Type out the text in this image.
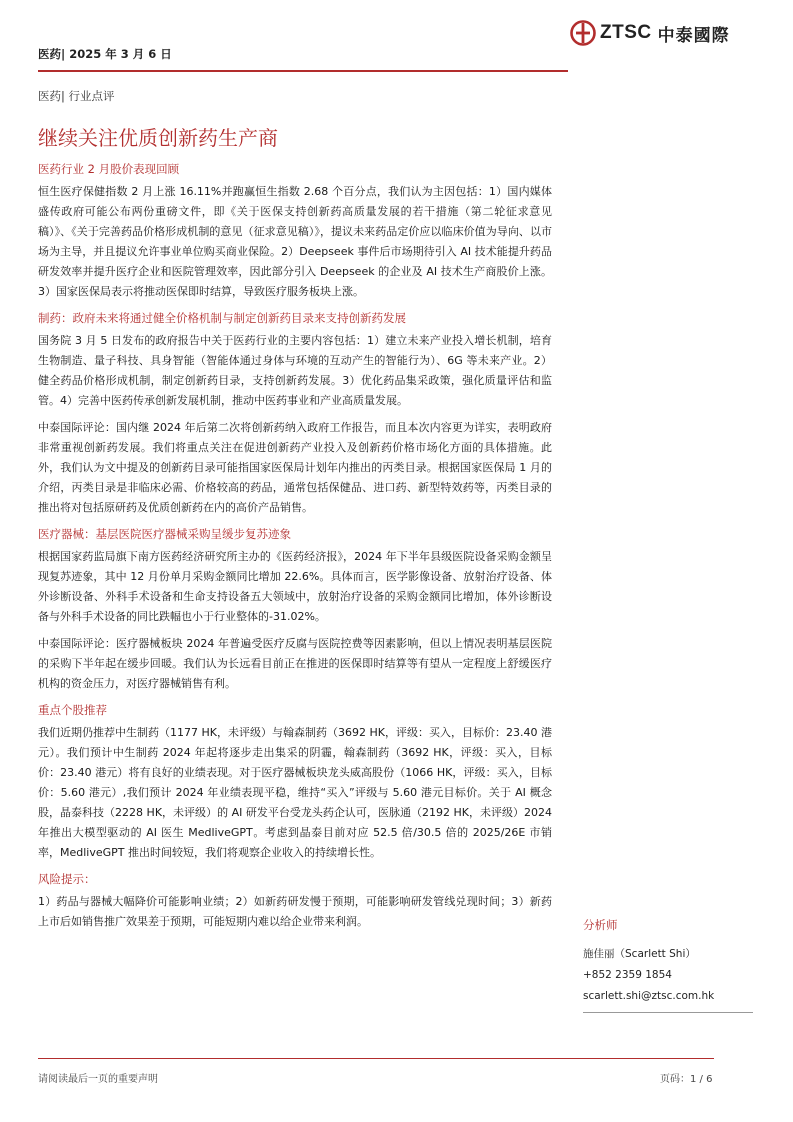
医药| 2025 年 3 月 6 日
ZTSC 中泰國際
医药| 行业点评
继续关注优质创新药生产商
医药行业 2 月股价表现回顾

恒生医疗保健指数 2 月上涨 16.11%并跑赢恒生指数 2.68 个百分点，我们认为主因包括：1）国内媒体盛传政府可能公布两份重磅文件，即《关于医保支持创新药高质量发展的若干措施（第二轮征求意见稿）》、《关于完善药品价格形成机制的意见（征求意见稿）》，提议未来药品定价应以临床价值为导向、以市场为主导，并且提议允许事业单位购买商业保险。2）Deepseek 事件后市场期待引入 AI 技术能提升药品研发效率并提升医疗企业和医院管理效率，因此部分引入 Deepseek 的企业及 AI 技术生产商股价上涨。3）国家医保局表示将推动医保即时结算，导致医疗服务板块上涨。

制药：政府未来将通过健全价格机制与制定创新药目录来支持创新药发展

国务院 3 月 5 日发布的政府报告中关于医药行业的主要内容包括：1）建立未来产业投入增长机制，培育生物制造、量子科技、具身智能（智能体通过身体与环境的互动产生的智能行为）、6G 等未来产业。2）健全药品价格形成机制，制定创新药目录，支持创新药发展。3）优化药品集采政策，强化质量评估和监管。4）完善中医药传承创新发展机制，推动中医药事业和产业高质量发展。

中泰国际评论：国内继 2024 年后第二次将创新药纳入政府工作报告，而且本次内容更为详实，表明政府非常重视创新药发展。我们将重点关注在促进创新药产业投入及创新药价格市场化方面的具体措施。此外，我们认为文中提及的创新药目录可能指国家医保局计划年内推出的丙类目录。根据国家医保局 1 月的介绍，丙类目录是非临床必需、价格较高的药品，通常包括保健品、进口药、新型特效药等，丙类目录的推出将对包括原研药及优质创新药在内的高价产品销售。

医疗器械：基层医院医疗器械采购呈缓步复苏迹象

根据国家药监局旗下南方医药经济研究所主办的《医药经济报》，2024 年下半年县级医院设备采购金额呈现复苏迹象，其中 12 月份单月采购金额同比增加 22.6%。具体而言，医学影像设备、放射治疗设备、体外诊断设备、外科手术设备和生命支持设备五大领域中，放射治疗设备的采购金额同比增加，体外诊断设备与外科手术设备的同比跌幅也小于行业整体的-31.02%。

中泰国际评论：医疗器械板块 2024 年普遍受医疗反腐与医院控费等因素影响，但以上情况表明基层医院的采购下半年起在缓步回暖。我们认为长远看目前正在推进的医保即时结算等有望从一定程度上舒缓医疗机构的资金压力，对医疗器械销售有利。

重点个股推荐

我们近期仍推荐中生制药（1177 HK，未评级）与翰森制药（3692 HK，评级：买入，目标价：23.40 港元）。我们预计中生制药 2024 年起将逐步走出集采的阴霾，翰森制药（3692 HK，评级：买入，目标价：23.40 港元）将有良好的业绩表现。对于医疗器械板块龙头威高股份（1066 HK，评级：买入，目标价：5.60 港元）,我们预计 2024 年业绩表现平稳，维持“买入”评级与 5.60 港元目标价。关于 AI 概念股，晶泰科技（2228 HK，未评级）的 AI 研发平台受龙头药企认可，医脉通（2192 HK，未评级）2024 年推出大模型驱动的 AI 医生 MedliveGPT。考虑到晶泰目前对应 52.5 倍/30.5 倍的 2025/26E 市销率，MedliveGPT 推出时间较短，我们将观察企业收入的持续增长性。

风险提示：

1）药品与器械大幅降价可能影响业绩；2）如新药研发慢于预期，可能影响研发管线兑现时间；3）新药上市后如销售推广效果差于预期，可能短期内难以给企业带来利润。	分析师
施佳丽（Scarlett Shi）
+852 2359 1854
scarlett.shi@ztsc.com.hk
请阅读最后一页的重要声明	页码：1 / 6
